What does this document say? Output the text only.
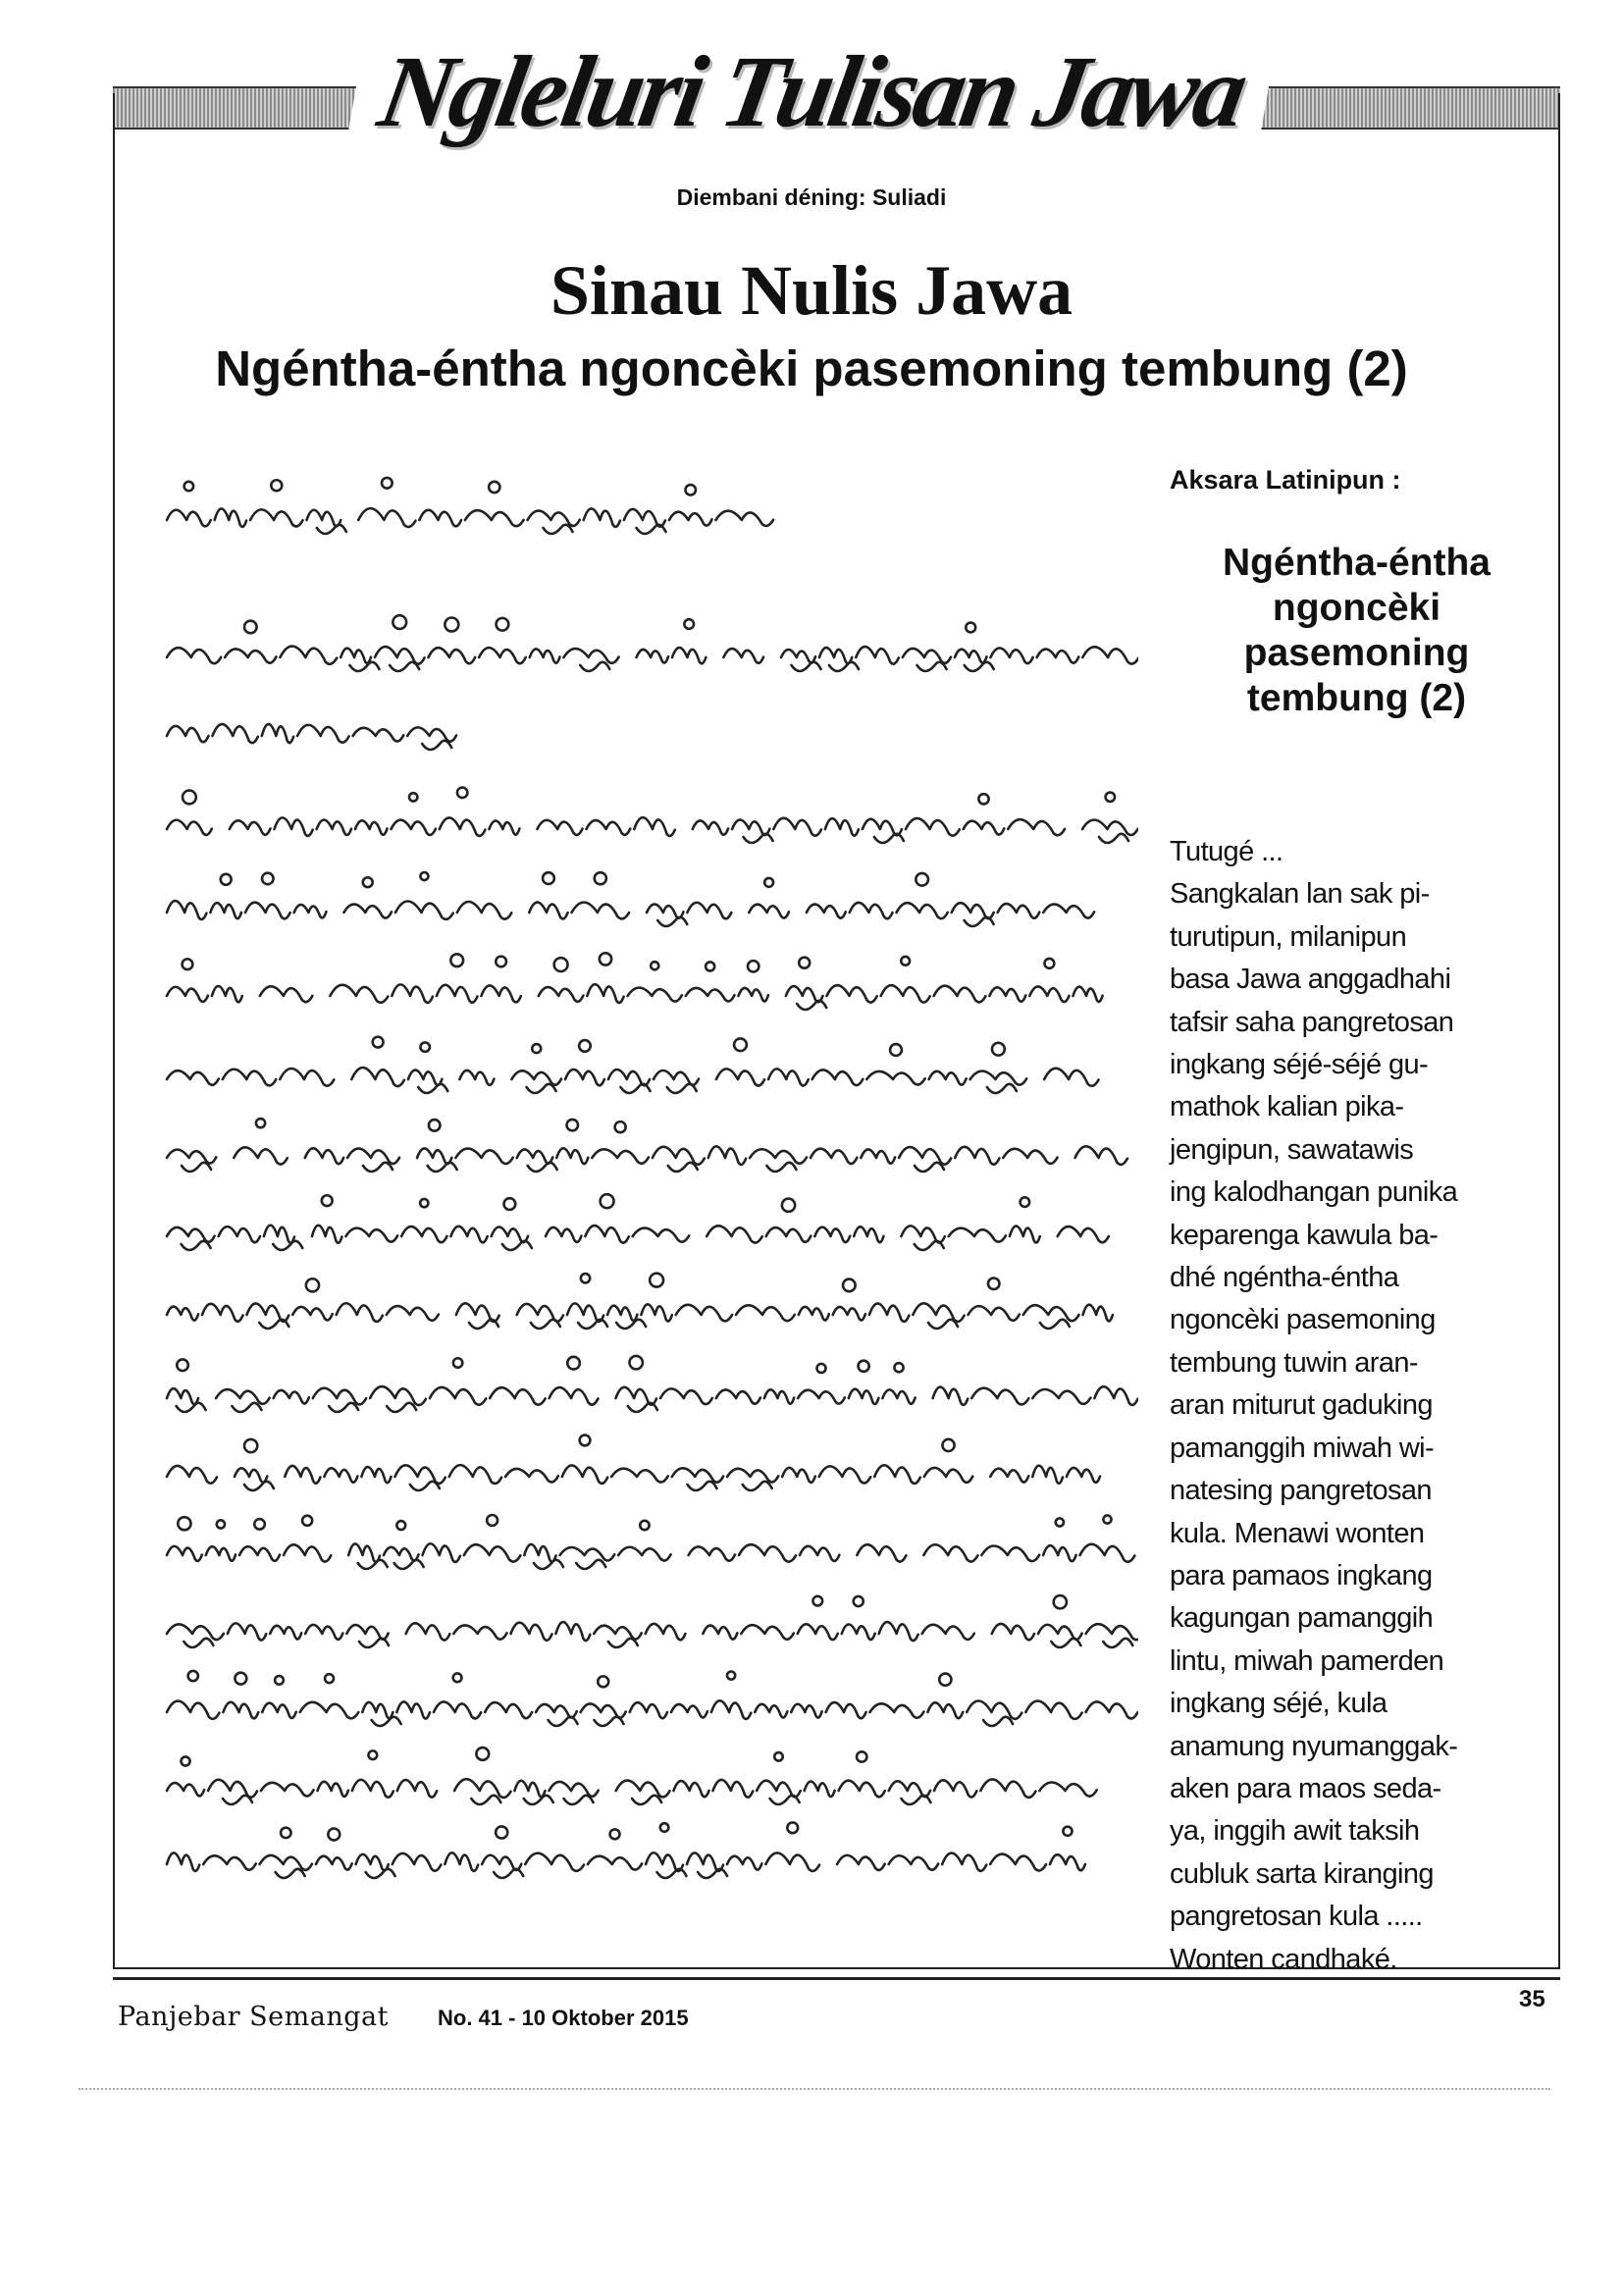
Ngleluri Tulisan Jawa
Diembani déning: Suliadi
Sinau Nulis Jawa
Ngéntha-éntha ngoncèki pasemoning tembung (2)
Aksara Latinipun :
Ngéntha-éntha
ngoncèki
pasemoning
tembung (2)
Tutugé ...
Sangkalan lan sak pi-
turutipun, milanipun
basa Jawa anggadhahi
tafsir saha pangretosan
ingkang séjé-séjé gu-
mathok kalian pika-
jengipun, sawatawis
ing kalodhangan punika
keparenga kawula ba-
dhé ngéntha-éntha
ngoncèki pasemoning
tembung tuwin aran-
aran miturut gaduking
pamanggih miwah wi-
natesing pangretosan
kula. Menawi wonten
para pamaos ingkang
kagungan pamanggih
lintu, miwah pamerden
ingkang séjé, kula
anamung nyumanggak-
aken para maos seda-
ya, inggih awit taksih
cubluk sarta kiranging
pangretosan kula .....
Wonten candhaké.
Panjebar Semangat No. 41 - 10 Oktober 2015
35
